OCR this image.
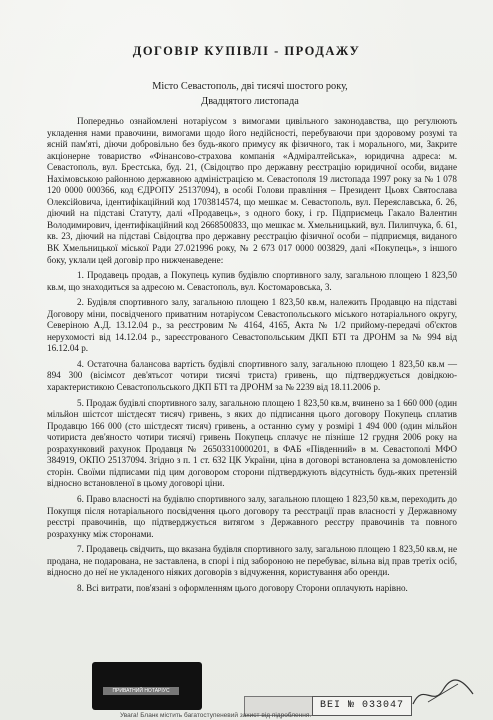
ДОГОВІР КУПІВЛІ - ПРОДАЖУ
Місто Севастополь, дві тисячі шостого року,
Двадцятого листопада

Попередньо ознайомлені нотаріусом з вимогами цивільного законодавства, що регулюють укладення нами правочини, вимогами щодо його недійсності, перебуваючи при здоровому розумі та ясній пам'яті, діючи добровільно без будь-якого примусу як фізичного, так і морального, ми, Закрите акціонерне товариство «Фінансово-страхова компанія «Адміралтейська», юридична адреса: м. Севастополь, вул. Брестська, буд. 21, (Свідоцтво про державну реєстрацію юридичної особи, видане Нахімовською районною державною адміністрацією м. Севастополя 19 листопада 1997 року за № 1 078 120 0000 000366, код ЄДРОПУ 25137094), в особі Голови правління – Президент Цьовх Святослава Олексійовича, ідентифікаційний код 1703814574, що мешкає м. Севастополь, вул. Переяславська, б. 26, діючий на підставі Статуту, далі «Продавець», з одного боку, і гр. Підприємець Гакало Валентин Володимирович, ідентифікаційний код 2668500833, що мешкає м. Хмельницький, вул. Пилипчука, б. 61, кв. 23, діючий на підставі Свідоцтва про державну реєстрацію фізичної особи – підприємця, виданого ВК Хмельницької міської Ради 27.021996 року, № 2 673 017 0000 003829, далі «Покупець», з іншого боку, уклали цей договір про нижченаведене:

1. Продавець продав, а Покупець купив будівлю спортивного залу, загальною площею 1 823,50 кв.м, що знаходиться за адресою м. Севастополь, вул. Костомаровська, 3.

2. Будівля спортивного залу, загальною площею 1 823,50 кв.м, належить Продавцю на підставі Договору міни, посвідченого приватним нотаріусом Севастопольського міського нотаріального округу, Северіною А.Д. 13.12.04 р., за реєстровим № 4164, 4165, Акта № 1/2 прийому-передачі об'єктов нерухомості від 14.12.04 р., зареєстрованого Севастопольським ДКП БТІ та ДРОНМ за № 994 від 16.12.04 р.

4. Остаточна балансова вартість будівлі спортивного залу, загальною площею 1 823,50 кв.м — 894 300 (вісімсот дев'ятьсот чотири тисячі триста) гривень, що підтверджується довідкою-характеристикою Севастопольського ДКП БТІ та ДРОНМ за № 2239 від 18.11.2006 р.

5. Продаж будівлі спортивного залу, загальною площею 1 823,50 кв.м, вчинено за 1 660 000 (один мільйон шістсот шістдесят тисяч) гривень, з яких до підписання цього договору Покупець сплатив Продавцю 166 000 (сто шістдесят тисяч) гривень, а останню суму у розмірі 1 494 000 (один мільйон чотириста дев'яносто чотири тисячі) гривень Покупець сплачує не пізніше 12 грудня 2006 року на розрахунковий рахунок Продавця № 26503310000201, в ФАБ «Південний» в м. Севастополі МФО 384919, ОКПО 25137094. Згідно з п. 1 ст. 632 ЦК України, ціна в договорі встановлена за домовленістю сторін. Своїми підписами під цим договором сторони підтверджують відсутність будь-яких претензій відносно встановленої в цьому договорі ціни.

6. Право власності на будівлю спортивного залу, загальною площею 1 823,50 кв.м, переходить до Покупця після нотаріального посвідчення цього договору та реєстрації прав власності у Державному реєстрі правочинів, що підтверджується витягом з Державного реєстру правочинів та повного розрахунку між сторонами.

7. Продавець свідчить, що вказана будівля спортивного залу, загальною площею 1 823,50 кв.м, не продана, не подарована, не заставлена, в спорі і під забороною не перебуває, вільна від прав третіх осіб, відносно до неї не укладеного ніяких договорів з відчуження, користування або оренди.

8. Всі витрати, пов'язані з оформленням цього договору Сторони оплачують нарівно.

ПРИВАТНИЙ НОТАРІУС
ВЕІ № 033047
Увага! Бланк містить багатоступеневий захист від підроблення.
